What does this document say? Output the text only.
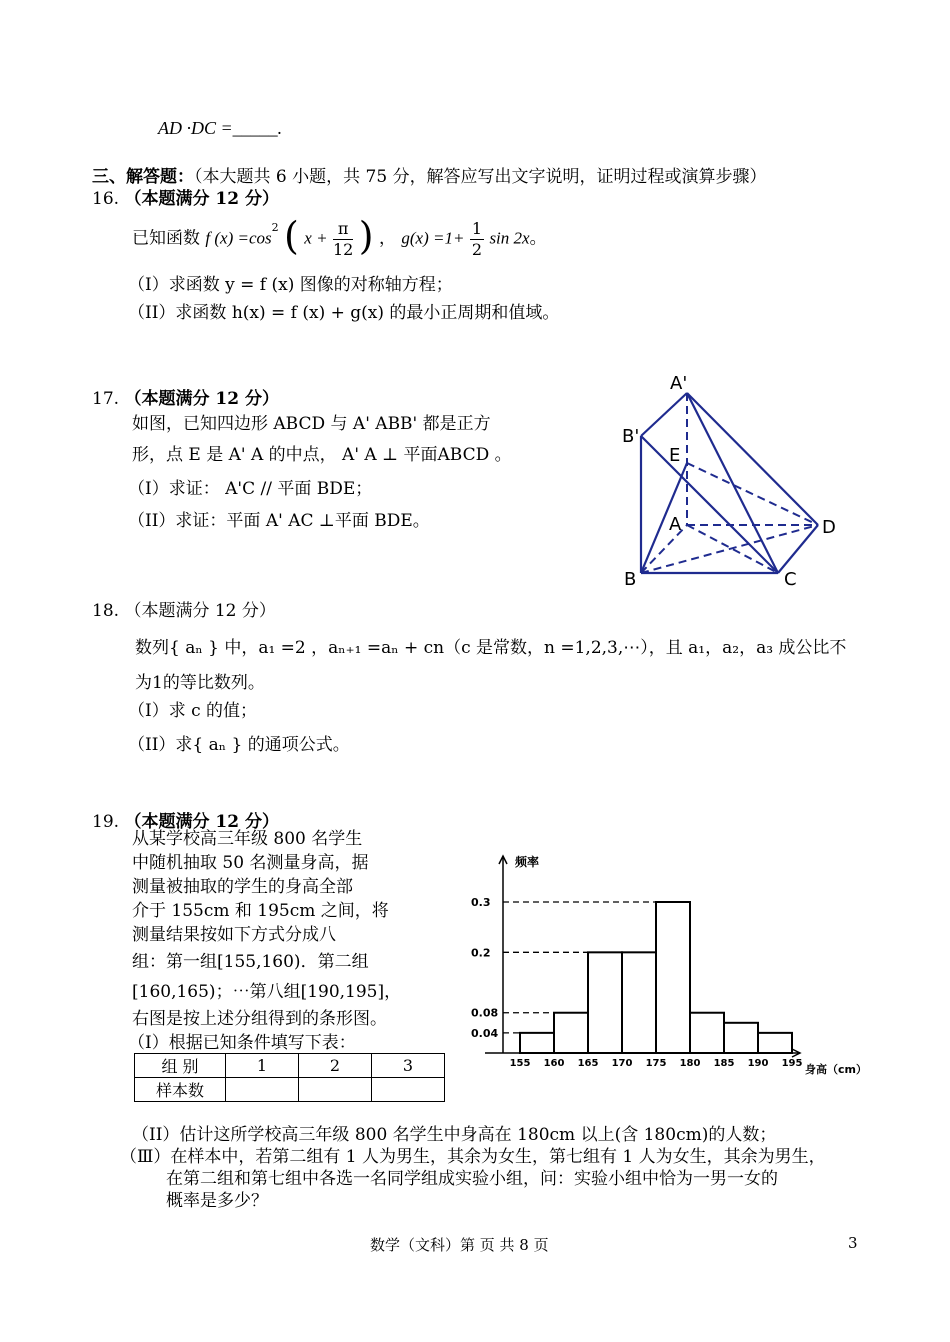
AD ·DC =_____.
三、解答题：（本大题共 6 小题，共 75 分，解答应写出文字说明，证明过程或演算步骤）
16. （本题满分 12 分）
已知函数 f $(x) =\cos^2$ ( $x + \frac{\pi}{12}$ ) ， $g(x) =1+ \frac{1}{2}$ sin 2x。
（I）求函数 y = f (x) 图像的对称轴方程；
（II）求函数 h(x) = f (x) + g(x) 的最小正周期和值域。
17. （本题满分 12 分）
如图，已知四边形 ABCD 与 A' ABB' 都是正方
形，点 E 是 A' A 的中点， A' A ⊥ 平面ABCD 。
（I）求证： A'C // 平面 BDE；
（II）求证：平面 A' AC ⊥平面 BDE。
A'
B'
E
A	D
B	C
18. （本题满分 12 分）
数列{ aₙ } 中，a₁ =2 ，aₙ₊₁ =aₙ + cn（c 是常数，n =1,2,3,⋯），且 a₁，a₂，a₃ 成公比不
为1的等比数列。
（I）求 c 的值；
（II）求{ aₙ } 的通项公式。
19. （本题满分 12 分）
从某学校高三年级 800 名学生
中随机抽取 50 名测量身高，据
测量被抽取的学生的身高全部
介于 155cm 和 195cm 之间，将
测量结果按如下方式分成八
组：第一组[155,160)．第二组
[160,165)；⋯第八组[190,195]，
右图是按上述分组得到的条形图。
（I）根据已知条件填写下表：
组 别	1	2	3
样本数			
频率
身高（cm）
0.3
0.2
0.08
0.04
155 160 165 170 175 180 185 190 195
（II）估计这所学校高三年级 800 名学生中身高在 180cm 以上(含 180cm)的人数；
（Ⅲ）在样本中，若第二组有 1 人为男生，其余为女生，第七组有 1 人为女生，其余为男生，
在第二组和第七组中各选一名同学组成实验小组，问：实验小组中恰为一男一女的
概率是多少？
数学（文科）第 页 共 8 页	3
